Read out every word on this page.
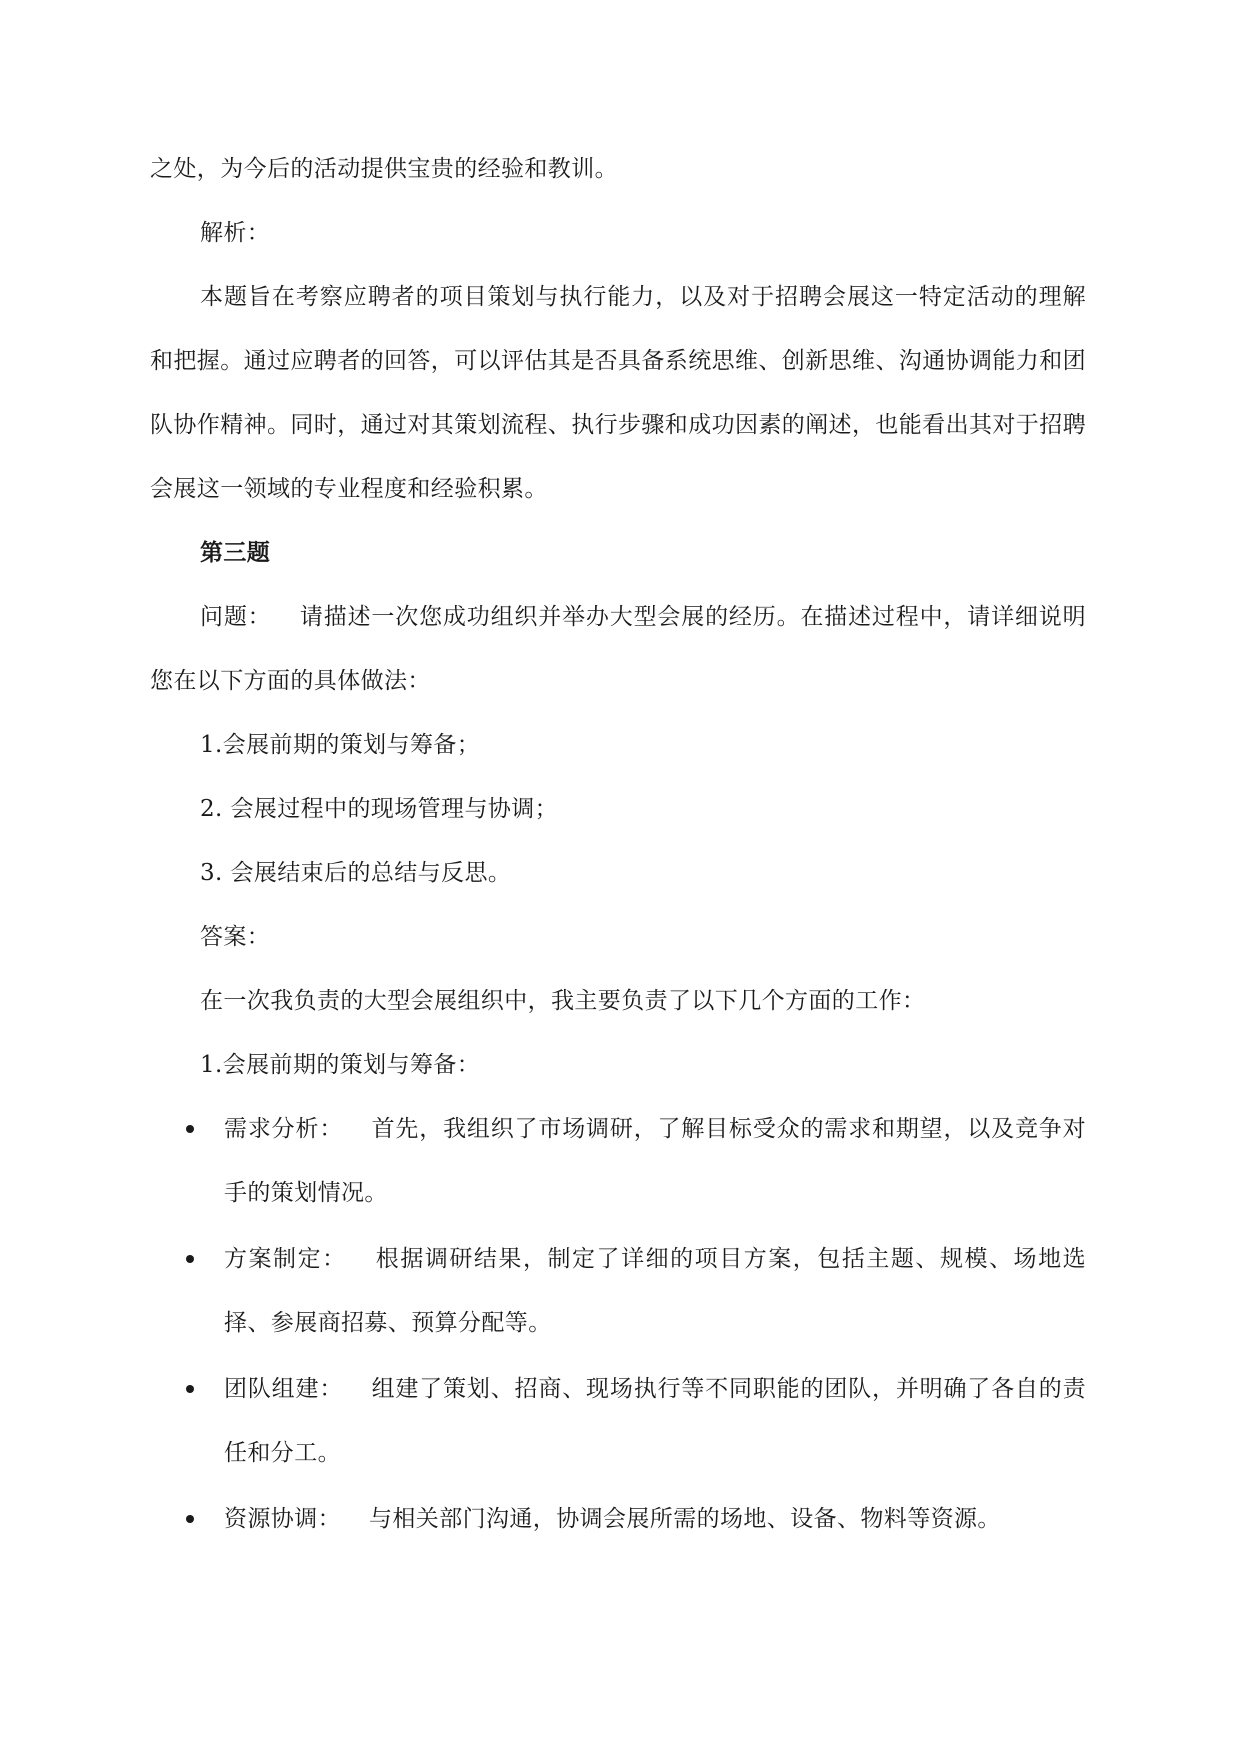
之处，为今后的活动提供宝贵的经验和教训。

解析：

本题旨在考察应聘者的项目策划与执行能力，以及对于招聘会展这一特定活动的理解和把握。通过应聘者的回答，可以评估其是否具备系统思维、创新思维、沟通协调能力和团队协作精神。同时，通过对其策划流程、执行步骤和成功因素的阐述，也能看出其对于招聘会展这一领域的专业程度和经验积累。

第三题

问题： 请描述一次您成功组织并举办大型会展的经历。在描述过程中，请详细说明您在以下方面的具体做法：

1.会展前期的策划与筹备；

2. 会展过程中的现场管理与协调；

3. 会展结束后的总结与反思。

答案：

在一次我负责的大型会展组织中，我主要负责了以下几个方面的工作：

1.会展前期的策划与筹备：

需求分析： 首先，我组织了市场调研，了解目标受众的需求和期望，以及竞争对手的策划情况。
方案制定： 根据调研结果，制定了详细的项目方案，包括主题、规模、场地选择、参展商招募、预算分配等。
团队组建： 组建了策划、招商、现场执行等不同职能的团队，并明确了各自的责任和分工。
资源协调： 与相关部门沟通，协调会展所需的场地、设备、物料等资源。
